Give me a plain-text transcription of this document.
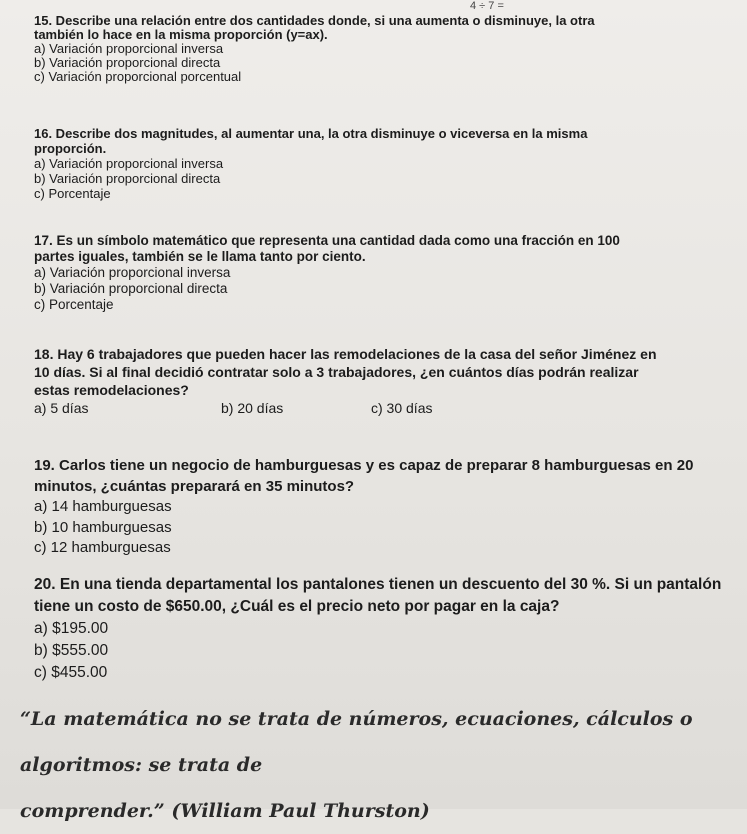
4 ÷ 7 =
15. Describe una relación entre dos cantidades donde, si una aumenta o disminuye, la otra
también lo hace en la misma proporción (y=ax).
a) Variación proporcional inversa
b) Variación proporcional directa
c) Variación proporcional porcentual
16. Describe dos magnitudes, al aumentar una, la otra disminuye o viceversa en la misma
proporción.
a) Variación proporcional inversa
b) Variación proporcional directa
c) Porcentaje
17. Es un símbolo matemático que representa una cantidad dada como una fracción en 100
partes iguales, también se le llama tanto por ciento.
a) Variación proporcional inversa
b) Variación proporcional directa
c) Porcentaje
18. Hay 6 trabajadores que pueden hacer las remodelaciones de la casa del señor Jiménez en
10 días. Si al final decidió contratar solo a 3 trabajadores, ¿en cuántos días podrán realizar
estas remodelaciones?
a) 5 días	b) 20 días	c) 30 días
19. Carlos tiene un negocio de hamburguesas y es capaz de preparar 8 hamburguesas en 20
minutos, ¿cuántas preparará en 35 minutos?
a) 14 hamburguesas
b) 10 hamburguesas
c) 12 hamburguesas
20. En una tienda departamental los pantalones tienen un descuento del 30 %. Si un pantalón
tiene un costo de $650.00, ¿Cuál es el precio neto por pagar en la caja?
a) $195.00
b) $555.00
c) $455.00
“La matemática no se trata de números, ecuaciones, cálculos o algoritmos: se trata de
comprender.” (William Paul Thurston)
